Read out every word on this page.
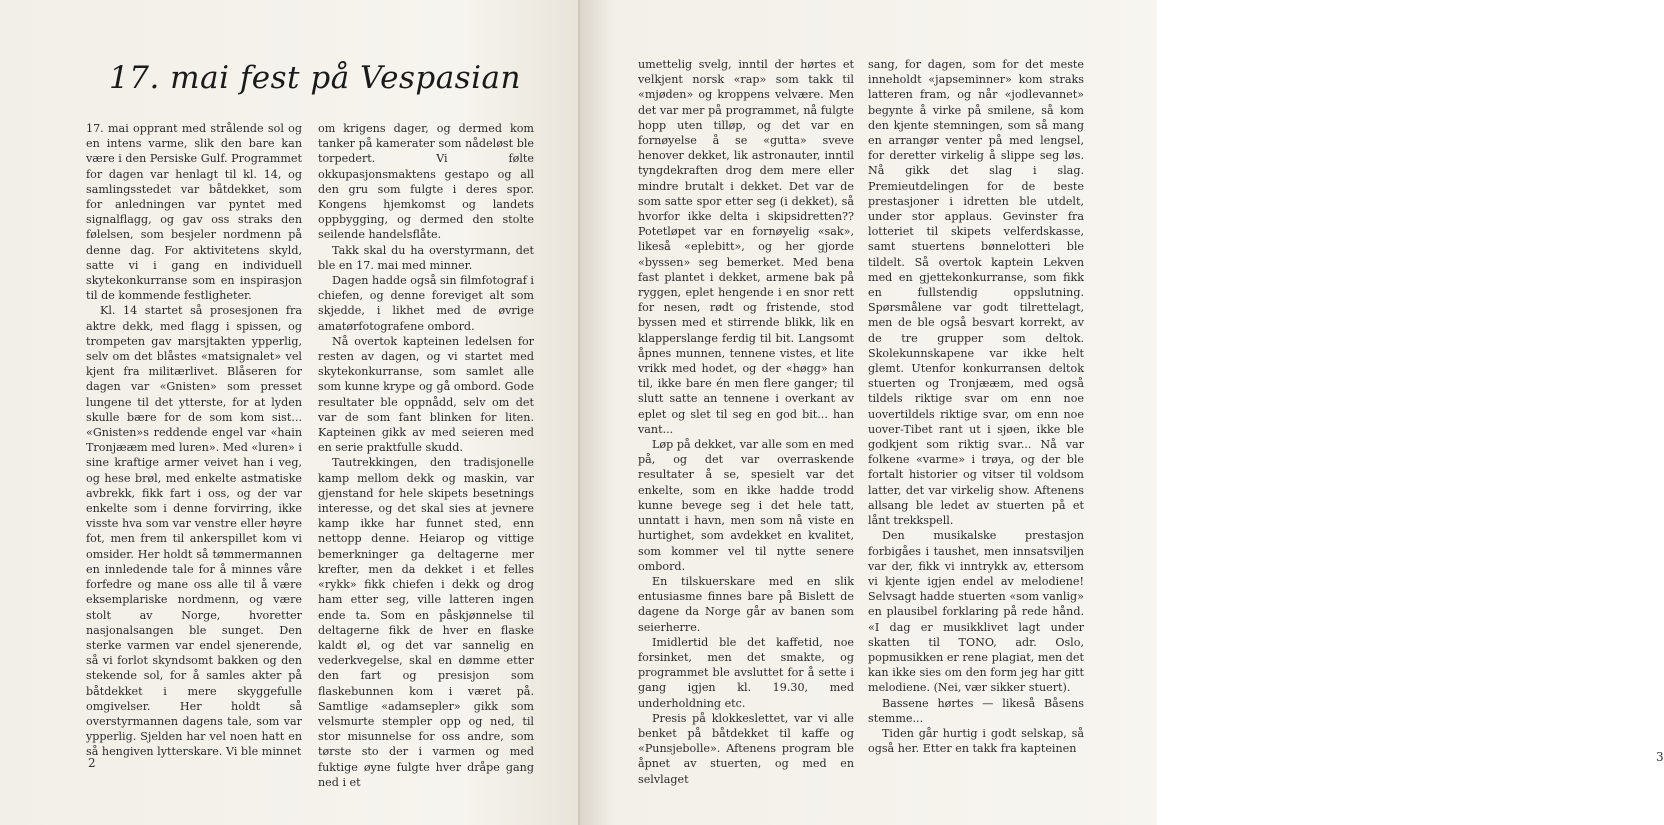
17. mai fest på Vespasian

17. mai opprant med strålende sol og en intens varme, slik den bare kan være i den Persiske Gulf. Programmet for dagen var henlagt til kl. 14, og samlingsstedet var båtdekket, som for anledningen var pyntet med signalflagg, og gav oss straks den følelsen, som besjeler nordmenn på denne dag. For aktivitetens skyld, satte vi i gang en individuell skytekonkurranse som en inspirasjon til de kommende festligheter.

Kl. 14 startet så prosesjonen fra aktre dekk, med flagg i spissen, og trompeten gav marsjtakten ypperlig, selv om det blåstes «matsignalet» vel kjent fra militærlivet. Blåseren for dagen var «Gnisten» som presset lungene til det ytterste, for at lyden skulle bære for de som kom sist... «Gnisten»s reddende engel var «hain Tronjææm med luren». Med «luren» i sine kraftige armer veivet han i veg, og hese brøl, med enkelte astmatiske avbrekk, fikk fart i oss, og der var enkelte som i denne forvirring, ikke visste hva som var venstre eller høyre fot, men frem til ankerspillet kom vi omsider. Her holdt så tømmermannen en innledende tale for å minnes våre forfedre og mane oss alle til å være eksemplariske nordmenn, og være stolt av Norge, hvoretter nasjonalsangen ble sunget. Den sterke varmen var endel sjenerende, så vi forlot skyndsomt bakken og den stekende sol, for å samles akter på båtdekket i mere skyggefulle omgivelser. Her holdt så overstyrmannen dagens tale, som var ypperlig. Sjelden har vel noen hatt en så hengiven lytterskare. Vi ble minnet

om krigens dager, og dermed kom tanker på kamerater som nådeløst ble torpedert. Vi følte okkupasjonsmaktens gestapo og all den gru som fulgte i deres spor. Kongens hjemkomst og landets oppbygging, og dermed den stolte seilende handelsflåte.

Takk skal du ha overstyrmann, det ble en 17. mai med minner.

Dagen hadde også sin filmfotograf i chiefen, og denne foreviget alt som skjedde, i likhet med de øvrige amatørfotografene ombord.

Nå overtok kapteinen ledelsen for resten av dagen, og vi startet med skytekonkurranse, som samlet alle som kunne krype og gå ombord. Gode resultater ble oppnådd, selv om det var de som fant blinken for liten. Kapteinen gikk av med seieren med en serie praktfulle skudd.

Tautrekkingen, den tradisjonelle kamp mellom dekk og maskin, var gjenstand for hele skipets besetnings interesse, og det skal sies at jevnere kamp ikke har funnet sted, enn nettopp denne. Heiarop og vittige bemerkninger ga deltagerne mer krefter, men da dekket i et felles «rykk» fikk chiefen i dekk og drog ham etter seg, ville latteren ingen ende ta. Som en påskjønnelse til deltagerne fikk de hver en flaske kaldt øl, og det var sannelig en vederkvegelse, skal en dømme etter den fart og presisjon som flaskebunnen kom i været på. Samtlige «adamsepler» gikk som velsmurte stempler opp og ned, til stor misunnelse for oss andre, som tørste sto der i varmen og med fuktige øyne fulgte hver dråpe gang ned i et

2	3

umettelig svelg, inntil der hørtes et velkjent norsk «rap» som takk til «mjøden» og kroppens velvære. Men det var mer på programmet, nå fulgte hopp uten tilløp, og det var en fornøyelse å se «gutta» sveve henover dekket, lik astronauter, inntil tyngdekraften drog dem mere eller mindre brutalt i dekket. Det var de som satte spor etter seg (i dekket), så hvorfor ikke delta i skipsidretten?? Potetløpet var en fornøyelig «sak», likeså «eplebitt», og her gjorde «byssen» seg bemerket. Med bena fast plantet i dekket, armene bak på ryggen, eplet hengende i en snor rett for nesen, rødt og fristende, stod byssen med et stirrende blikk, lik en klapperslange ferdig til bit. Langsomt åpnes munnen, tennene vistes, et lite vrikk med hodet, og der «høgg» han til, ikke bare én men flere ganger; til slutt satte an tennene i overkant av eplet og slet til seg en god bit... han vant...

Løp på dekket, var alle som en med på, og det var overraskende resultater å se, spesielt var det enkelte, som en ikke hadde trodd kunne bevege seg i det hele tatt, unntatt i havn, men som nå viste en hurtighet, som avdekket en kvalitet, som kommer vel til nytte senere ombord.

En tilskuerskare med en slik entusiasme finnes bare på Bislett de dagene da Norge går av banen som seierherre.

Imidlertid ble det kaffetid, noe forsinket, men det smakte, og programmet ble avsluttet for å sette i gang igjen kl. 19.30, med underholdning etc.

Presis på klokkeslettet, var vi alle benket på båtdekket til kaffe og «Punsjebolle». Aftenens program ble åpnet av stuerten, og med en selvlaget

sang, for dagen, som for det meste inneholdt «japseminner» kom straks latteren fram, og når «jodlevannet» begynte å virke på smilene, så kom den kjente stemningen, som så mang en arrangør venter på med lengsel, for deretter virkelig å slippe seg løs. Nå gikk det slag i slag. Premieutdelingen for de beste prestasjoner i idretten ble utdelt, under stor applaus. Gevinster fra lotteriet til skipets velferdskasse, samt stuertens bønnelotteri ble tildelt. Så overtok kaptein Lekven med en gjettekonkurranse, som fikk en fullstendig oppslutning. Spørsmålene var godt tilrettelagt, men de ble også besvart korrekt, av de tre grupper som deltok. Skolekunnskapene var ikke helt glemt. Utenfor konkurransen deltok stuerten og Tronjææm, med også tildels riktige svar om enn noe uovertildels riktige svar, om enn noe uover-Tibet rant ut i sjøen, ikke ble godkjent som riktig svar... Nå var folkene «varme» i trøya, og der ble fortalt historier og vitser til voldsom latter, det var virkelig show. Aftenens allsang ble ledet av stuerten på et lånt trekkspell.

Den musikalske prestasjon forbigåes i taushet, men innsatsviljen var der, fikk vi inntrykk av, ettersom vi kjente igjen endel av melodiene! Selvsagt hadde stuerten «som vanlig» en plausibel forklaring på rede hånd. «I dag er musikklivet lagt under skatten til TONO, adr. Oslo, popmusikken er rene plagiat, men det kan ikke sies om den form jeg har gitt melodiene. (Nei, vær sikker stuert).

Bassene hørtes — likeså Båsens stemme...

Tiden går hurtig i godt selskap, så også her. Etter en takk fra kapteinen
